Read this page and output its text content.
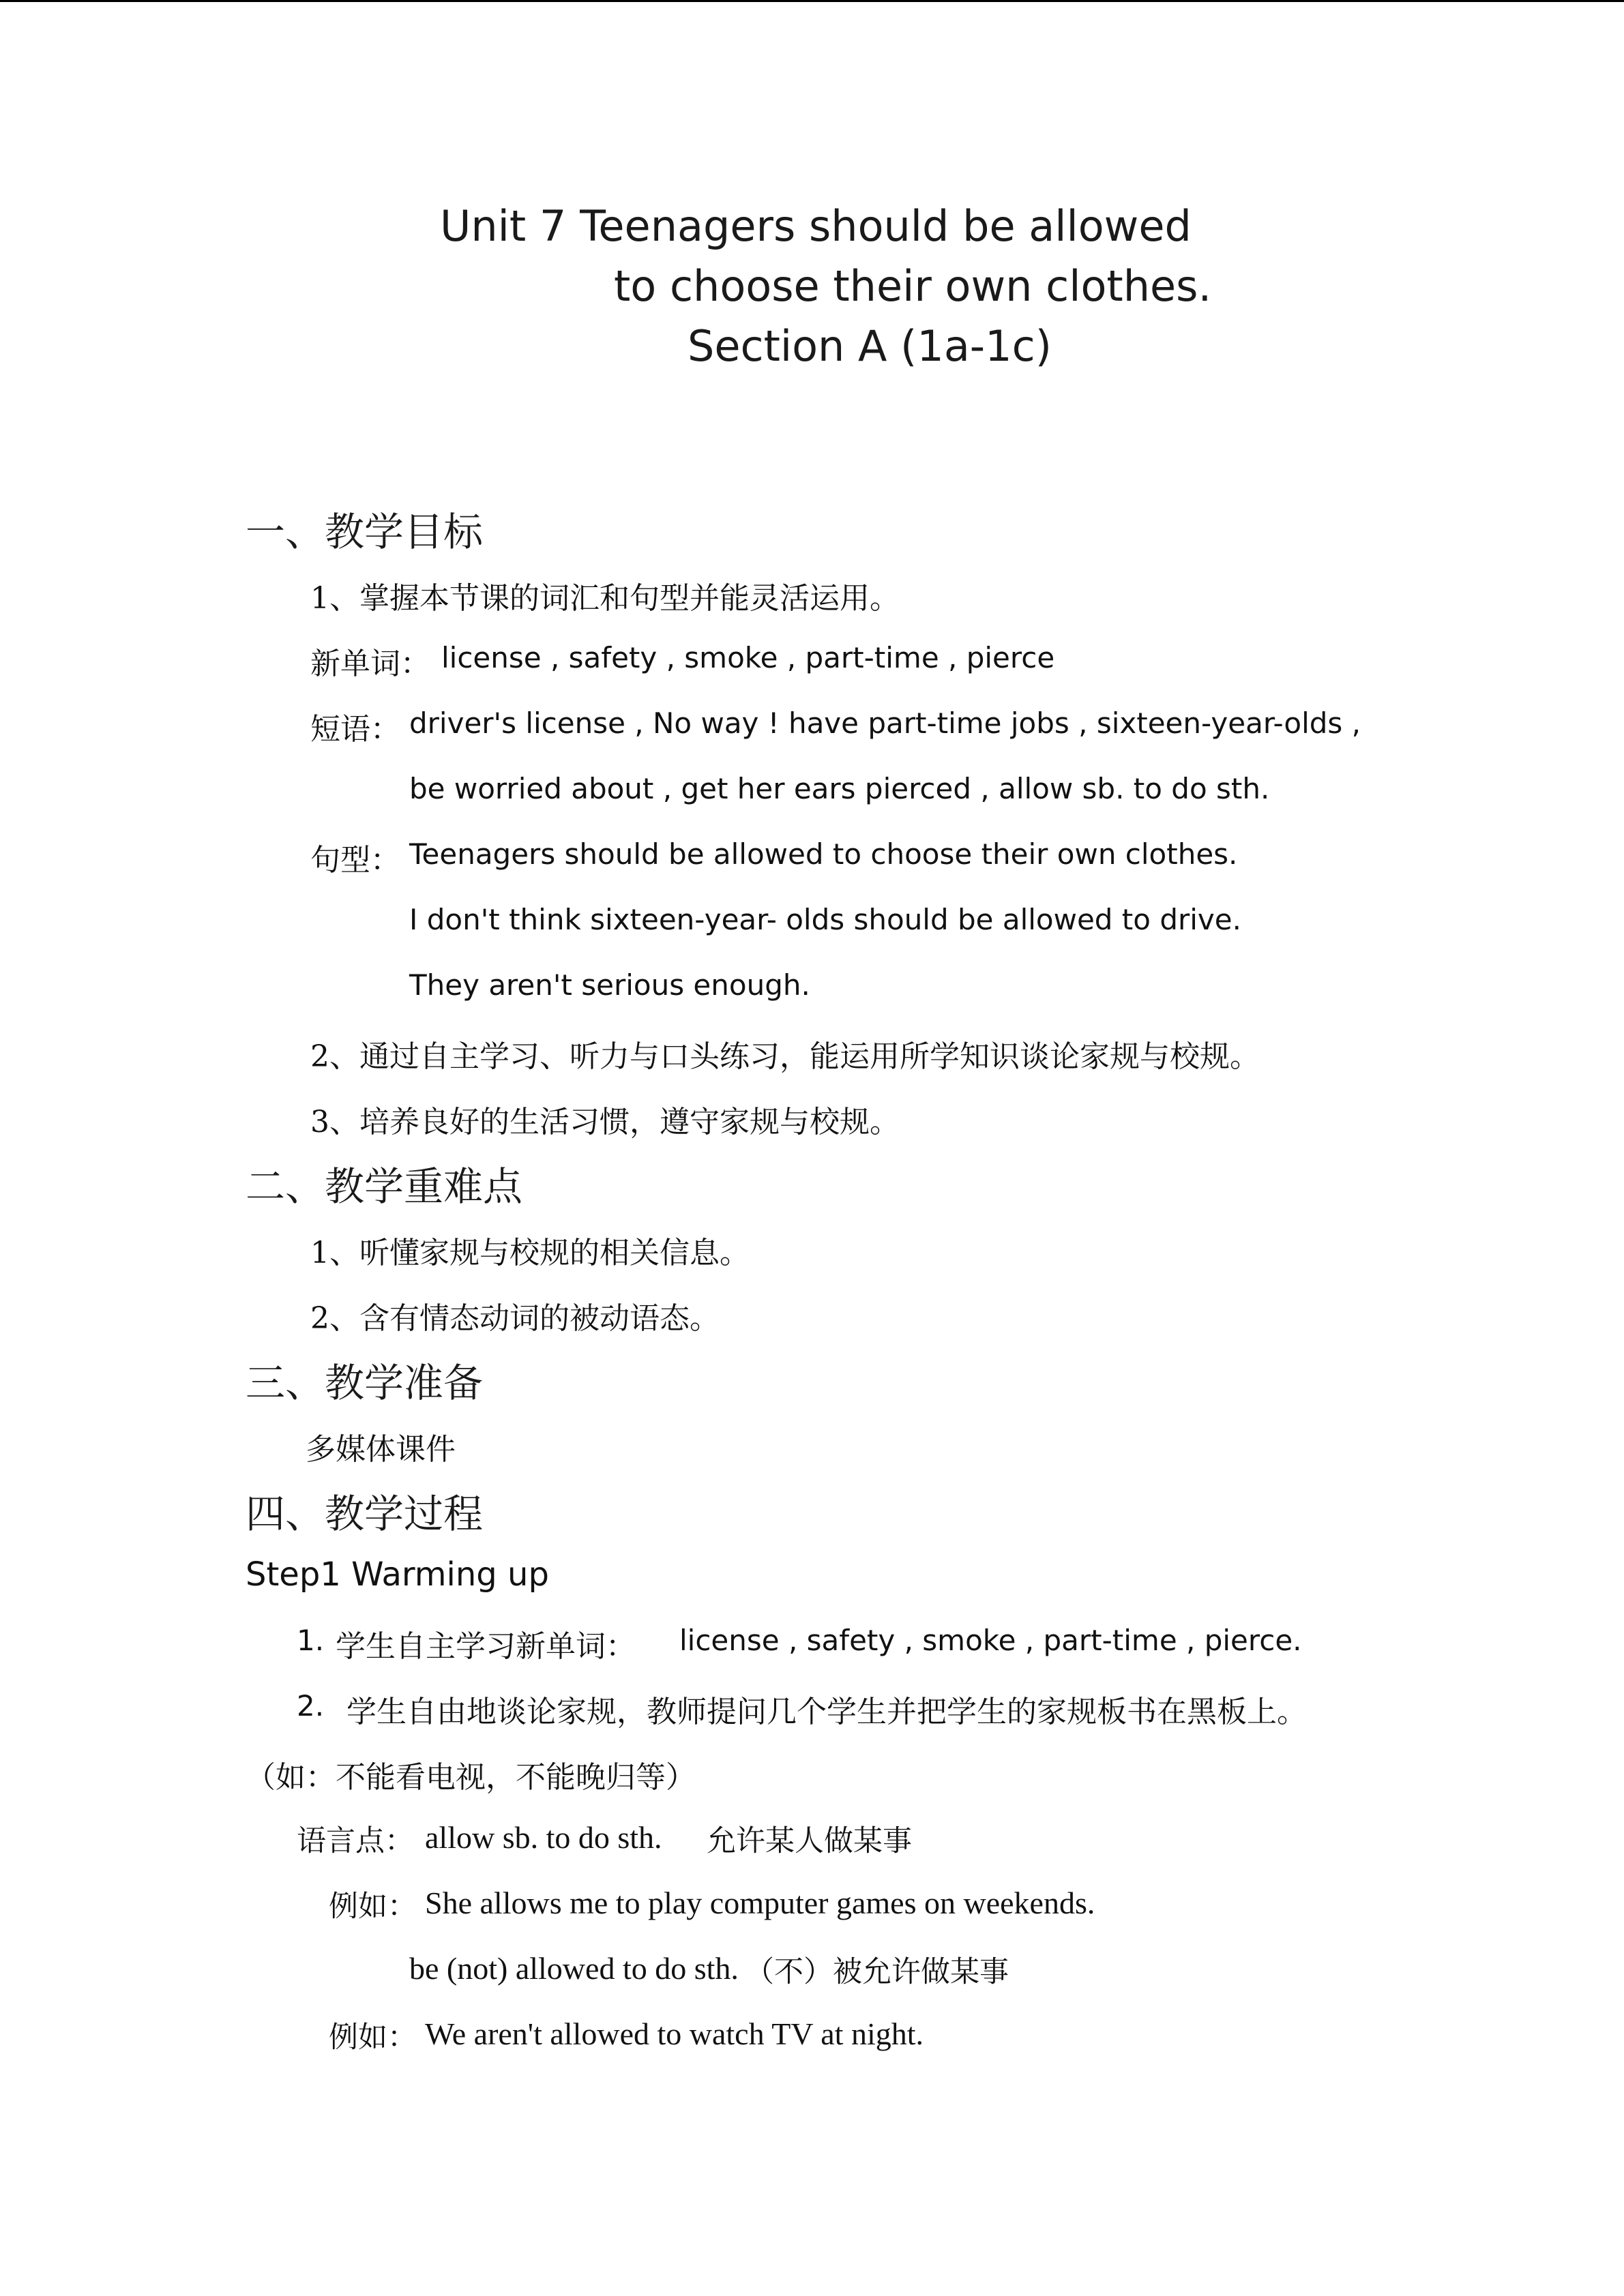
Unit 7 Teenagers should be allowed
to choose their own clothes.
Section A (1a-1c)
一、教学目标
1、掌握本节课的词汇和句型并能灵活运用。
新单词： license , safety , smoke , part-time , pierce
短语： driver's license , No way ! have part-time jobs , sixteen-year-olds ,
be worried about , get her ears pierced , allow sb. to do sth.
句型： Teenagers should be allowed to choose their own clothes.
I don't think sixteen-year- olds should be allowed to drive.
They aren't serious enough.
2、通过自主学习、听力与口头练习，能运用所学知识谈论家规与校规。
3、培养良好的生活习惯，遵守家规与校规。
二、教学重难点
1、听懂家规与校规的相关信息。
2、含有情态动词的被动语态。
三、教学准备
多媒体课件
四、教学过程
Step1 Warming up
1. 学生自主学习新单词： license , safety , smoke , part-time , pierce.
2. 学生自由地谈论家规，教师提问几个学生并把学生的家规板书在黑板上。
（如：不能看电视，不能晚归等）
语言点： allow sb. to do sth. 允许某人做某事
例如： She allows me to play computer games on weekends.
be (not) allowed to do sth. （不）被允许做某事
例如： We aren't allowed to watch TV at night.
